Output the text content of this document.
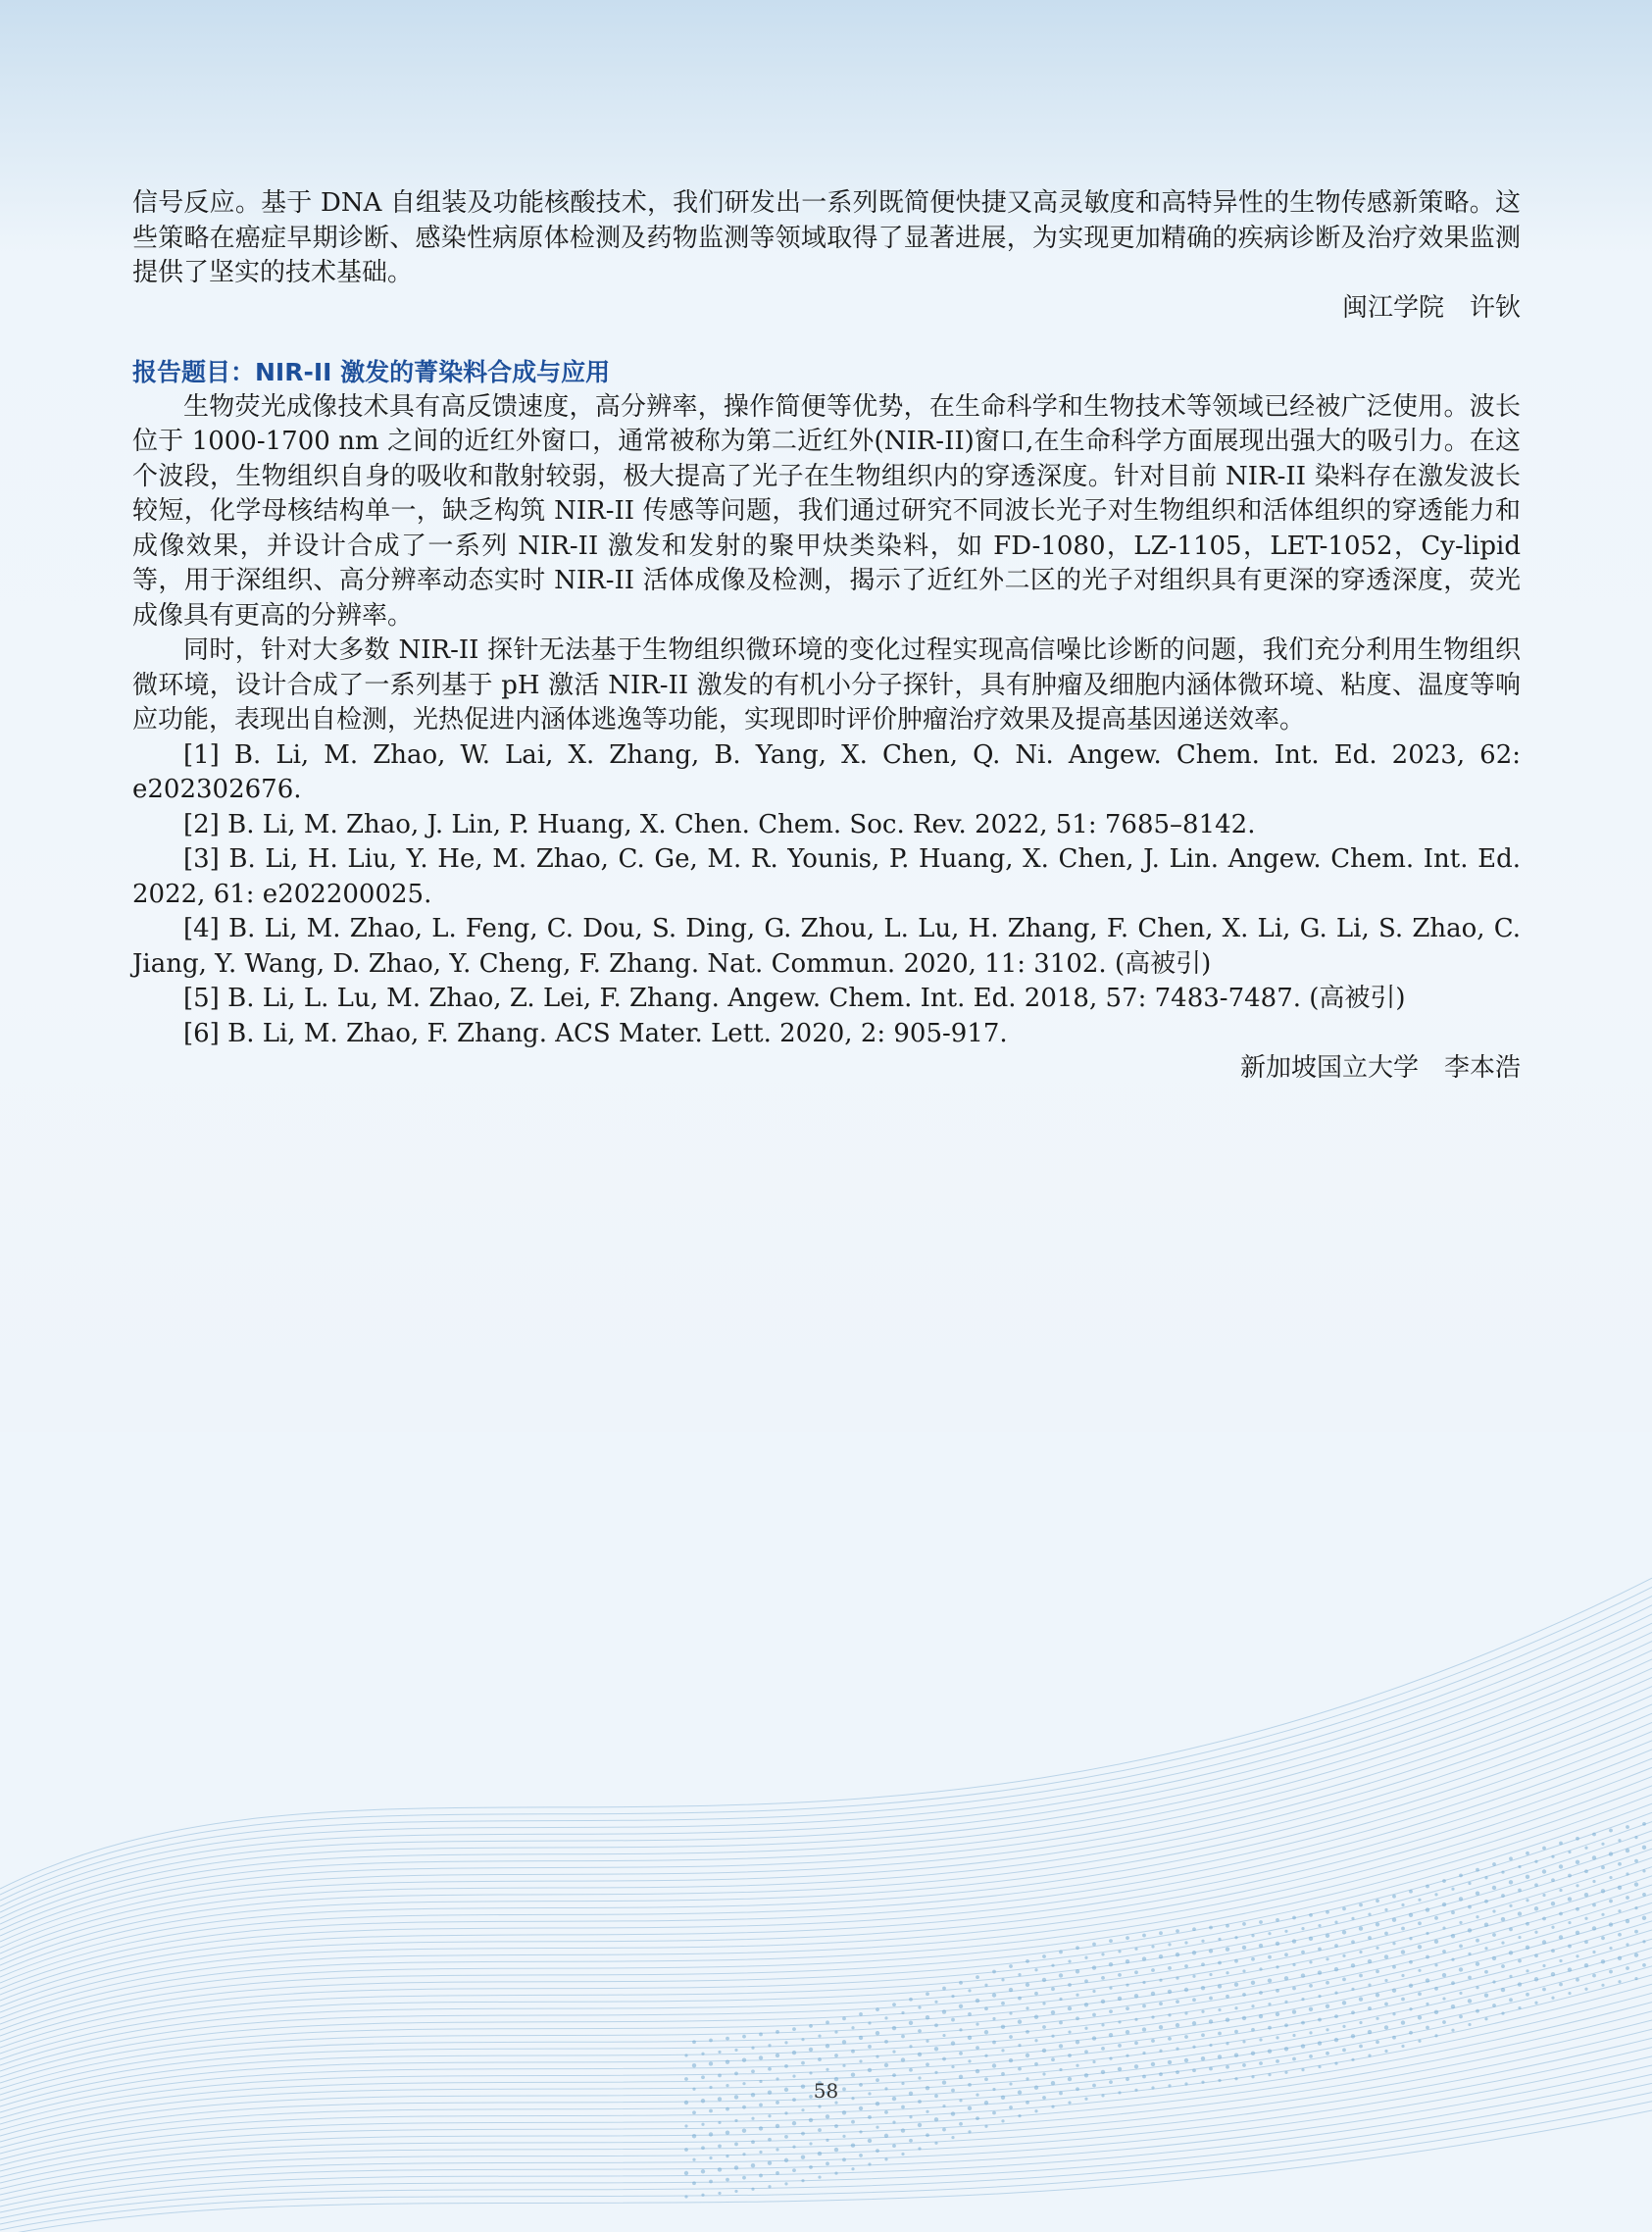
信号反应。基于 DNA 自组装及功能核酸技术，我们研发出一系列既简便快捷又高灵敏度和高特异性的生物传感新策略。这些策略在癌症早期诊断、感染性病原体检测及药物监测等领域取得了显著进展，为实现更加精确的疾病诊断及治疗效果监测提供了坚实的技术基础。

闽江学院　许钬

报告题目：NIR-II 激发的菁染料合成与应用

生物荧光成像技术具有高反馈速度，高分辨率，操作简便等优势，在生命科学和生物技术等领域已经被广泛使用。波长位于 1000-1700 nm 之间的近红外窗口，通常被称为第二近红外(NIR-II)窗口,在生命科学方面展现出强大的吸引力。在这个波段，生物组织自身的吸收和散射较弱，极大提高了光子在生物组织内的穿透深度。针对目前 NIR-II 染料存在激发波长较短，化学母核结构单一，缺乏构筑 NIR-II 传感等问题，我们通过研究不同波长光子对生物组织和活体组织的穿透能力和成像效果，并设计合成了一系列 NIR-II 激发和发射的聚甲炔类染料，如 FD-1080，LZ-1105，LET-1052，Cy-lipid 等，用于深组织、高分辨率动态实时 NIR-II 活体成像及检测，揭示了近红外二区的光子对组织具有更深的穿透深度，荧光成像具有更高的分辨率。

同时，针对大多数 NIR-II 探针无法基于生物组织微环境的变化过程实现高信噪比诊断的问题，我们充分利用生物组织微环境，设计合成了一系列基于 pH 激活 NIR-II 激发的有机小分子探针，具有肿瘤及细胞内涵体微环境、粘度、温度等响应功能，表现出自检测，光热促进内涵体逃逸等功能，实现即时评价肿瘤治疗效果及提高基因递送效率。

[1] B. Li, M. Zhao, W. Lai, X. Zhang, B. Yang, X. Chen, Q. Ni. Angew. Chem. Int. Ed. 2023, 62: e202302676.

[2] B. Li, M. Zhao, J. Lin, P. Huang, X. Chen. Chem. Soc. Rev. 2022, 51: 7685–8142.

[3] B. Li, H. Liu, Y. He, M. Zhao, C. Ge, M. R. Younis, P. Huang, X. Chen, J. Lin. Angew. Chem. Int. Ed. 2022, 61: e202200025.

[4] B. Li, M. Zhao, L. Feng, C. Dou, S. Ding, G. Zhou, L. Lu, H. Zhang, F. Chen, X. Li, G. Li, S. Zhao, C. Jiang, Y. Wang, D. Zhao, Y. Cheng, F. Zhang. Nat. Commun. 2020, 11: 3102. (高被引)

[5] B. Li, L. Lu, M. Zhao, Z. Lei, F. Zhang. Angew. Chem. Int. Ed. 2018, 57: 7483-7487. (高被引)

[6] B. Li, M. Zhao, F. Zhang. ACS Mater. Lett. 2020, 2: 905-917.

新加坡国立大学　李本浩

58
